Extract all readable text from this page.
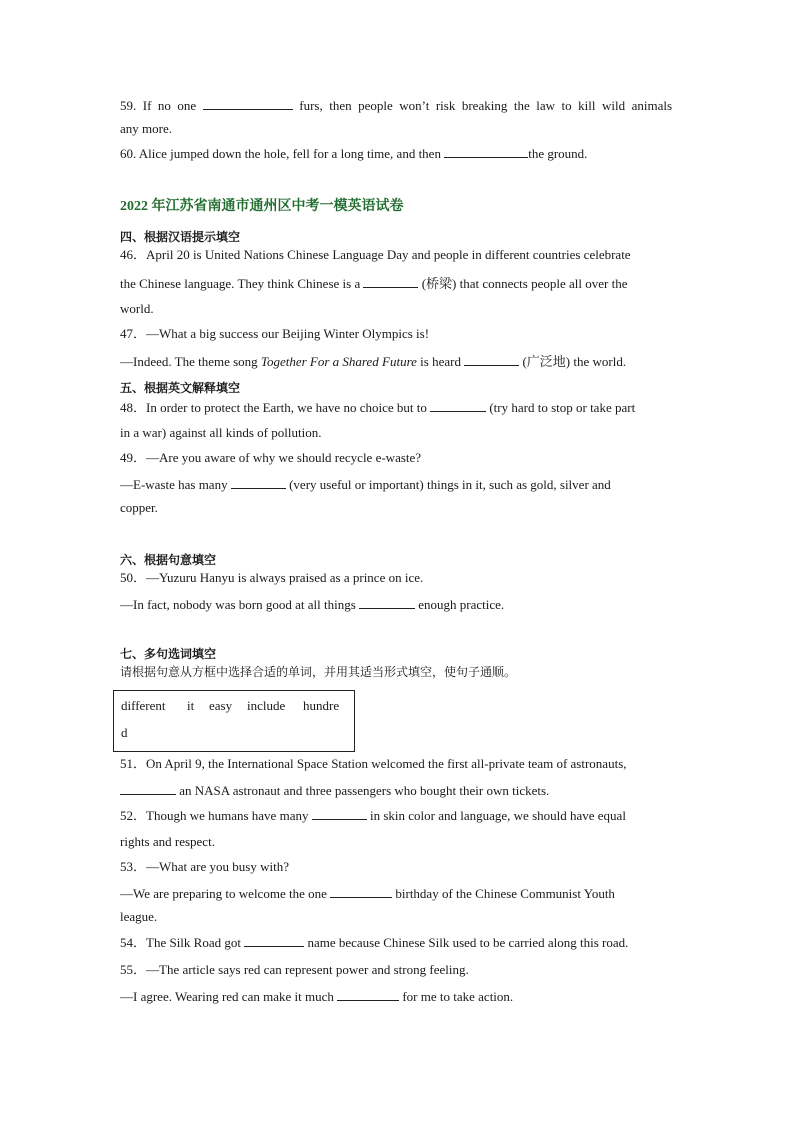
59. If no one	furs, then people won’t risk breaking the law to kill wild animals
any more.
60. Alice jumped down the hole, fell for a long time, and then	the ground.
2022 年江苏省南通市通州区中考一模英语试卷
四、根据汉语提示填空
46．April 20 is United Nations Chinese Language Day and people in different countries celebrate
the Chinese language. They think Chinese is a	(桥梁) that connects people all over the
world.
47．—What a big success our Beijing Winter Olympics is!
—Indeed. The theme song Together For a Shared Future is heard	(广泛地) the world.
五、根据英文解释填空
48．In order to protect the Earth, we have no choice but to	(try hard to stop or take part
in a war) against all kinds of pollution.
49．—Are you aware of why we should recycle e-waste?
—E-waste has many	(very useful or important) things in it, such as gold, silver and
copper.
六、根据句意填空
50．—Yuzuru Hanyu is always praised as a prince on ice.
—In fact, nobody was born good at all things	enough practice.
七、多句选词填空
请根据句意从方框中选择合适的单词，并用其适当形式填空，使句子通顺。
different it easy include hundre
d
51．On April 9, the International Space Station welcomed the first all-private team of astronauts,
an NASA astronaut and three passengers who bought their own tickets.
52．Though we humans have many	in skin color and language, we should have equal
rights and respect.
53．—What are you busy with?
—We are preparing to welcome the one	birthday of the Chinese Communist Youth
league.
54．The Silk Road got	name because Chinese Silk used to be carried along this road.
55．—The article says red can represent power and strong feeling.
—I agree. Wearing red can make it much	for me to take action.
